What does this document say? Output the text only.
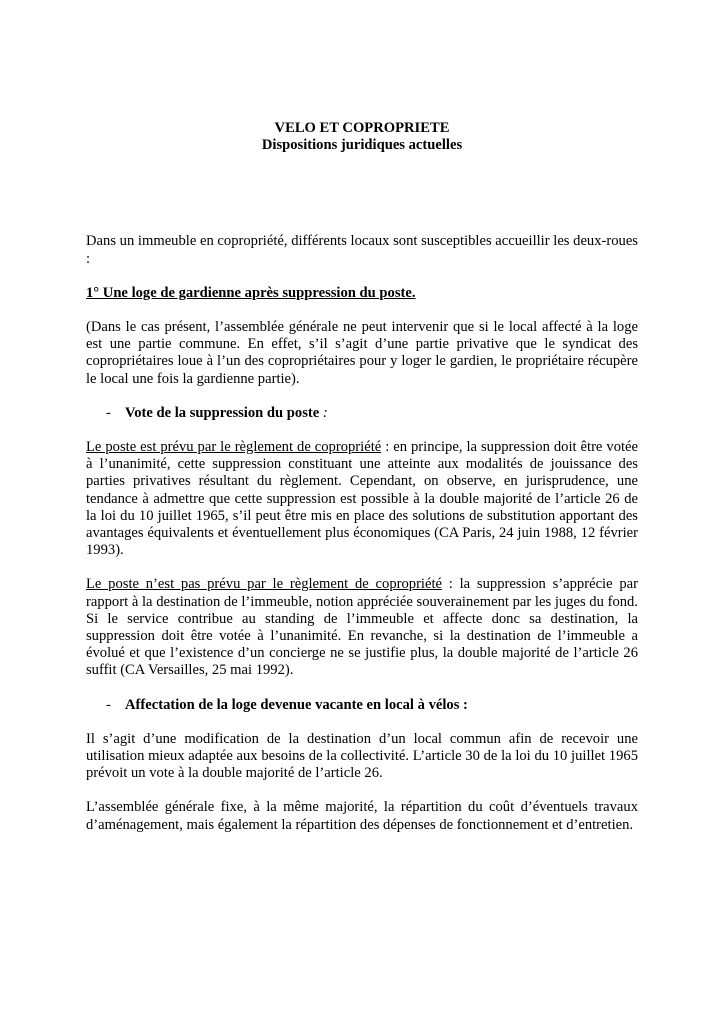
VELO ET COPROPRIETE
Dispositions juridiques actuelles

Dans un immeuble en copropriété, différents locaux sont susceptibles accueillir les deux-roues :

1° Une loge de gardienne après suppression du poste.

(Dans le cas présent, l’assemblée générale ne peut intervenir que si le local affecté à la loge est une partie commune. En effet, s’il s’agit d’une partie privative que le syndicat des copropriétaires loue à l’un des copropriétaires pour y loger le gardien, le propriétaire récupère le local une fois la gardienne partie).

- Vote de la suppression du poste :

Le poste est prévu par le règlement de copropriété : en principe, la suppression doit être votée à l’unanimité, cette suppression constituant une atteinte aux modalités de jouissance des parties privatives résultant du règlement. Cependant, on observe, en jurisprudence, une tendance à admettre que cette suppression est possible à la double majorité de l’article 26 de la loi du 10 juillet 1965, s’il peut être mis en place des solutions de substitution apportant des avantages équivalents et éventuellement plus économiques (CA Paris, 24 juin 1988, 12 février 1993).

Le poste n’est pas prévu par le règlement de copropriété : la suppression s’apprécie par rapport à la destination de l’immeuble, notion appréciée souverainement par les juges du fond. Si le service contribue au standing de l’immeuble et affecte donc sa destination, la suppression doit être votée à l’unanimité. En revanche, si la destination de l’immeuble a évolué et que l’existence d’un concierge ne se justifie plus, la double majorité de l’article 26 suffit (CA Versailles, 25 mai 1992).

- Affectation de la loge devenue vacante en local à vélos :

Il s’agit d’une modification de la destination d’un local commun afin de recevoir une utilisation mieux adaptée aux besoins de la collectivité. L’article 30 de la loi du 10 juillet 1965 prévoit un vote à la double majorité de l’article 26.

L’assemblée générale fixe, à la même majorité, la répartition du coût d’éventuels travaux d’aménagement, mais également la répartition des dépenses de fonctionnement et d’entretien.
